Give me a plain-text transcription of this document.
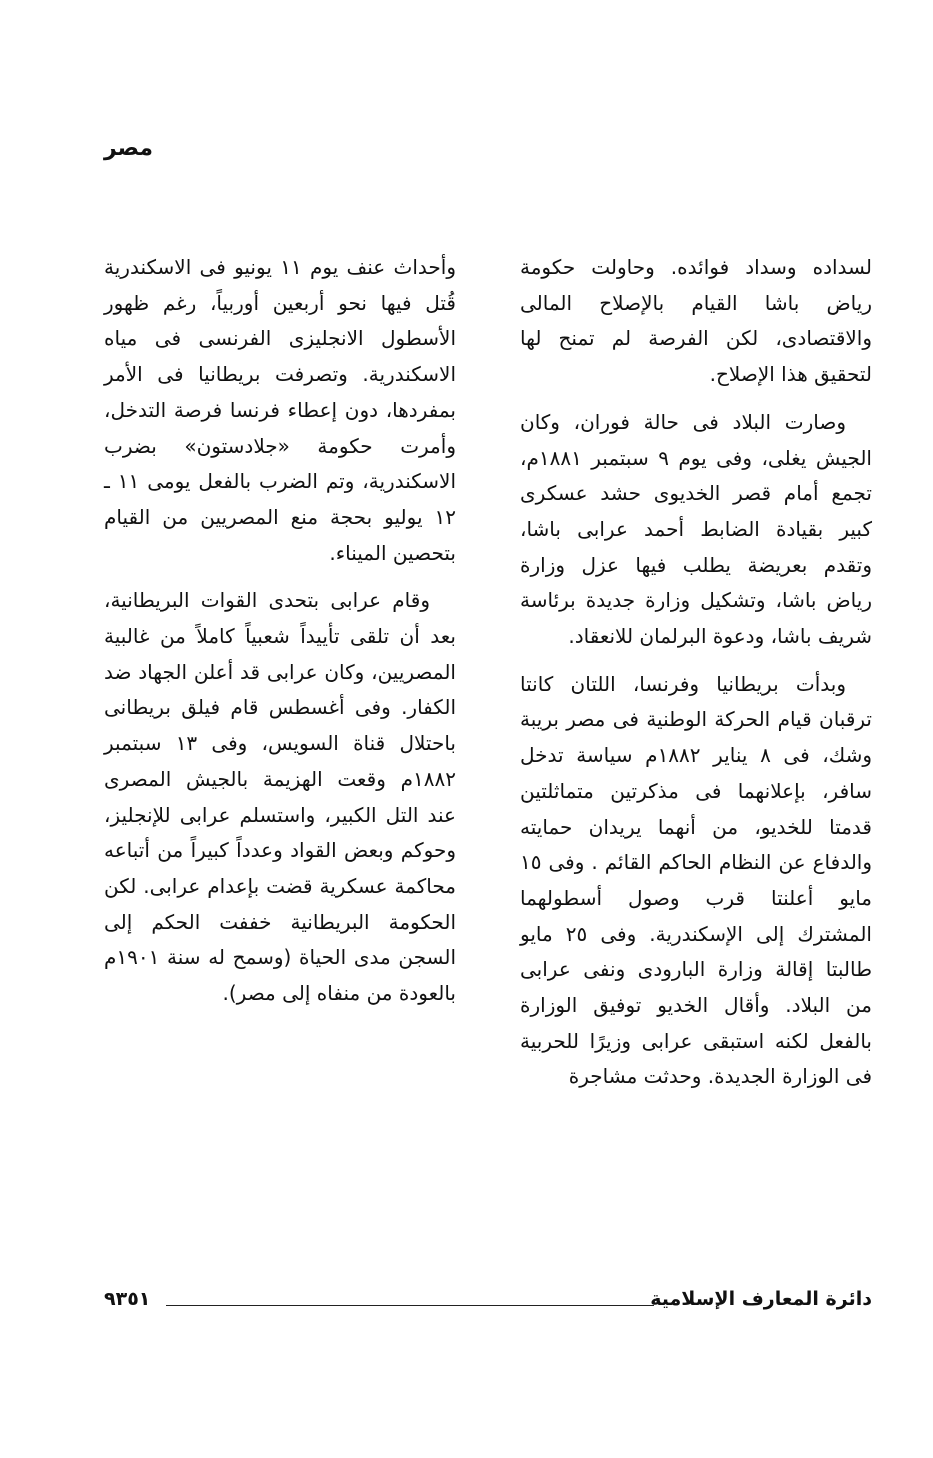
مصر

لسداده وسداد فوائده. وحاولت حكومة رياض باشا القيام بالإصلاح المالى والاقتصادى، لكن الفرصة لم تمنح لها لتحقيق هذا الإصلاح.

وصارت البلاد فى حالة فوران، وكان الجيش يغلى، وفى يوم ٩ سبتمبر ١٨٨١م، تجمع أمام قصر الخديوى حشد عسكرى كبير بقيادة الضابط أحمد عرابى باشا، وتقدم بعريضة يطلب فيها عزل وزارة رياض باشا، وتشكيل وزارة جديدة برئاسة شريف باشا، ودعوة البرلمان للانعقاد.

وبدأت بريطانيا وفرنسا، اللتان كانتا ترقبان قيام الحركة الوطنية فى مصر بريبة وشك، فى ٨ يناير ١٨٨٢م سياسة تدخل سافر، بإعلانهما فى مذكرتين متماثلتين قدمتا للخديو، من أنهما يريدان حمايته والدفاع عن النظام الحاكم القائم . وفى ١٥ مايو أعلنتا قرب وصول أسطولهما المشترك إلى الإسكندرية. وفى ٢٥ مايو طالبتا إقالة وزارة البارودى ونفى عرابى من البلاد. وأقال الخديو توفيق الوزارة بالفعل لكنه استبقى عرابى وزيرًا للحربية فى الوزارة الجديدة. وحدثت مشاجرة

وأحداث عنف يوم ١١ يونيو فى الاسكندرية قُتل فيها نحو أربعين أوربياً، رغم ظهور الأسطول الانجليزى الفرنسى فى مياه الاسكندرية. وتصرفت بريطانيا فى الأمر بمفردها، دون إعطاء فرنسا فرصة التدخل، وأمرت حكومة «جلادستون» بضرب الاسكندرية، وتم الضرب بالفعل يومى ١١ ـ ١٢ يوليو بحجة منع المصريين من القيام بتحصين الميناء.

وقام عرابى بتحدى القوات البريطانية، بعد أن تلقى تأييداً شعبياً كاملاً من غالبية المصريين، وكان عرابى قد أعلن الجهاد ضد الكفار. وفى أغسطس قام فيلق بريطانى باحتلال قناة السويس، وفى ١٣ سبتمبر ١٨٨٢م وقعت الهزيمة بالجيش المصرى عند التل الكبير، واستسلم عرابى للإنجليز، وحوكم وبعض القواد وعدداً كبيراً من أتباعه محاكمة عسكرية قضت بإعدام عرابى. لكن الحكومة البريطانية خففت الحكم إلى السجن مدى الحياة (وسمح له سنة ١٩٠١م بالعودة من منفاه إلى مصر).

دائرة المعارف الإسلامية
٩٣٥١
